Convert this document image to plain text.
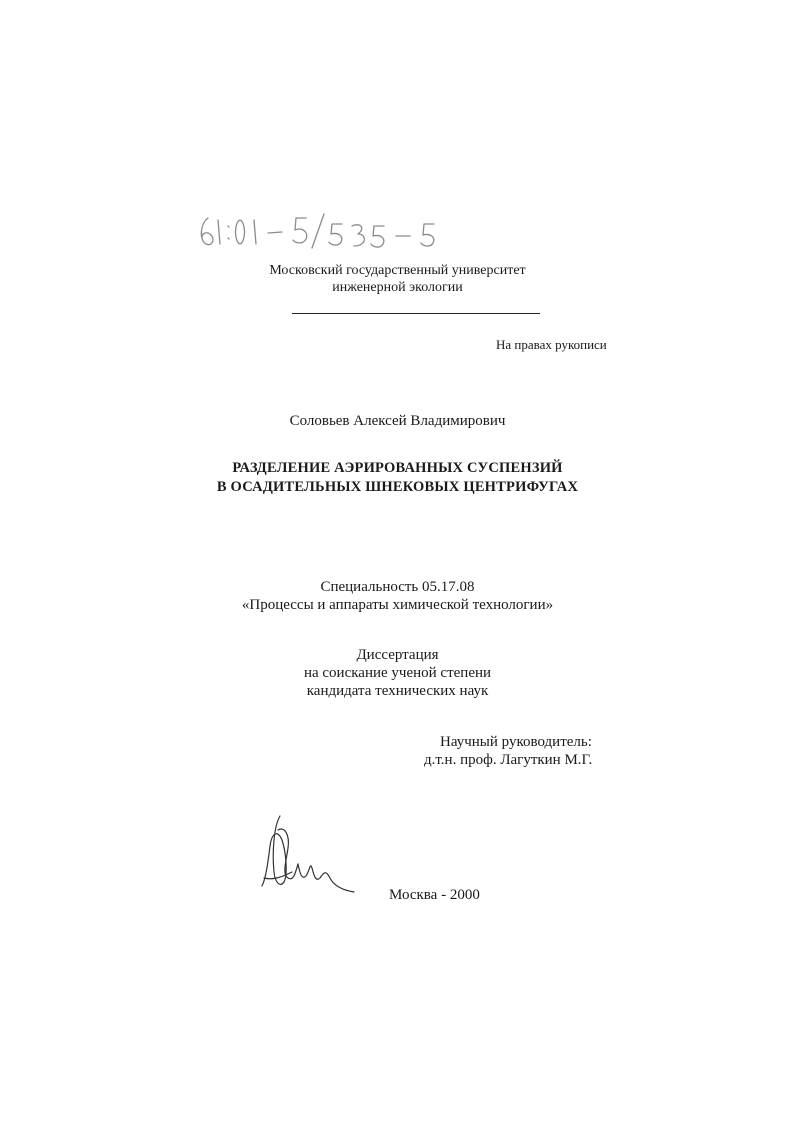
Московский государственный университет
инженерной экологии
На правах рукописи
Соловьев Алексей Владимирович
РАЗДЕЛЕНИЕ АЭРИРОВАННЫХ СУСПЕНЗИЙ
В ОСАДИТЕЛЬНЫХ ШНЕКОВЫХ ЦЕНТРИФУГАХ
Специальность 05.17.08
«Процессы и аппараты химической технологии»
Диссертация
на соискание ученой степени
кандидата технических наук
Научный руководитель:
д.т.н. проф. Лагуткин М.Г.
Москва - 2000
